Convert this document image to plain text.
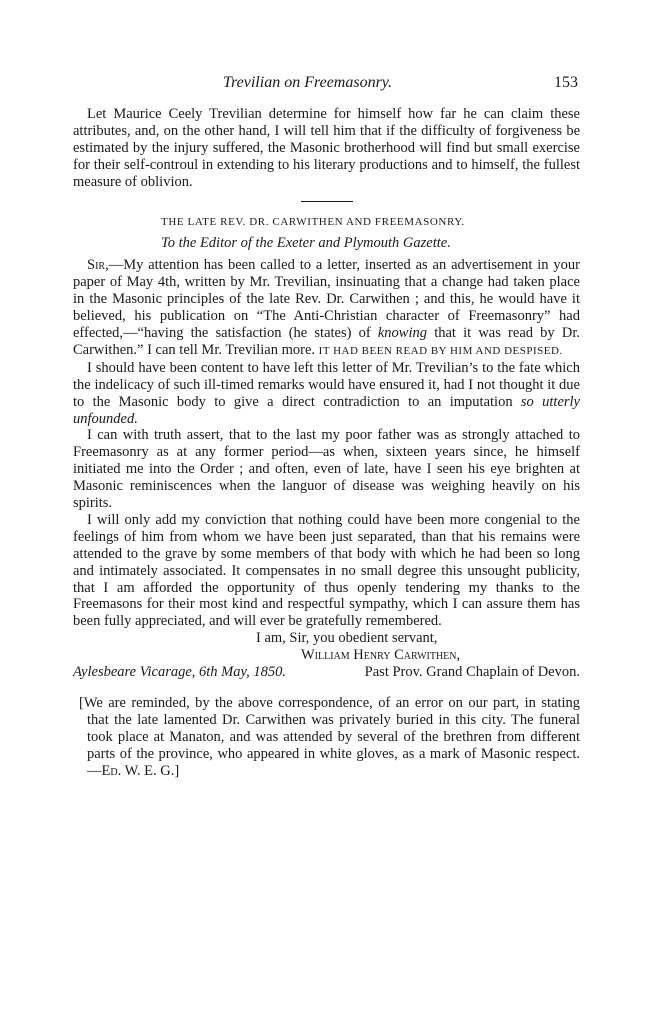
Trevilian on Freemasonry.	153

Let Maurice Ceely Trevilian determine for himself how far he can claim these attributes, and, on the other hand, I will tell him that if the difficulty of forgiveness be estimated by the injury suffered, the Masonic brotherhood will find but small exercise for their self-controul in extending to his literary productions and to himself, the fullest measure of oblivion.

THE LATE REV. DR. CARWITHEN AND FREEMASONRY.
To the Editor of the Exeter and Plymouth Gazette.

Sir,—My attention has been called to a letter, inserted as an advertisement in your paper of May 4th, written by Mr. Trevilian, insinuating that a change had taken place in the Masonic principles of the late Rev. Dr. Carwithen ; and this, he would have it believed, his publication on “The Anti-Christian character of Freemasonry” had effected,—“having the satisfaction (he states) of knowing that it was read by Dr. Carwithen.” I can tell Mr. Trevilian more. IT HAD BEEN READ BY HIM AND DESPISED.

I should have been content to have left this letter of Mr. Trevilian’s to the fate which the indelicacy of such ill-timed remarks would have ensured it, had I not thought it due to the Masonic body to give a direct contradiction to an imputation so utterly unfounded.

I can with truth assert, that to the last my poor father was as strongly attached to Freemasonry as at any former period—as when, sixteen years since, he himself initiated me into the Order ; and often, even of late, have I seen his eye brighten at Masonic reminiscences when the languor of disease was weighing heavily on his spirits.

I will only add my conviction that nothing could have been more congenial to the feelings of him from whom we have been just separated, than that his remains were attended to the grave by some members of that body with which he had been so long and intimately associated. It compensates in no small degree this unsought publicity, that I am afforded the opportunity of thus openly tendering my thanks to the Freemasons for their most kind and respectful sympathy, which I can assure them has been fully appreciated, and will ever be gratefully remembered.

I am, Sir, you obedient servant,

William Henry Carwithen,

Past Prov. Grand Chaplain of Devon.

Aylesbeare Vicarage, 6th May, 1850.

[We are reminded, by the above correspondence, of an error on our part, in stating that the late lamented Dr. Carwithen was privately buried in this city. The funeral took place at Manaton, and was attended by several of the brethren from different parts of the province, who appeared in white gloves, as a mark of Masonic respect.—Ed. W. E. G.]
